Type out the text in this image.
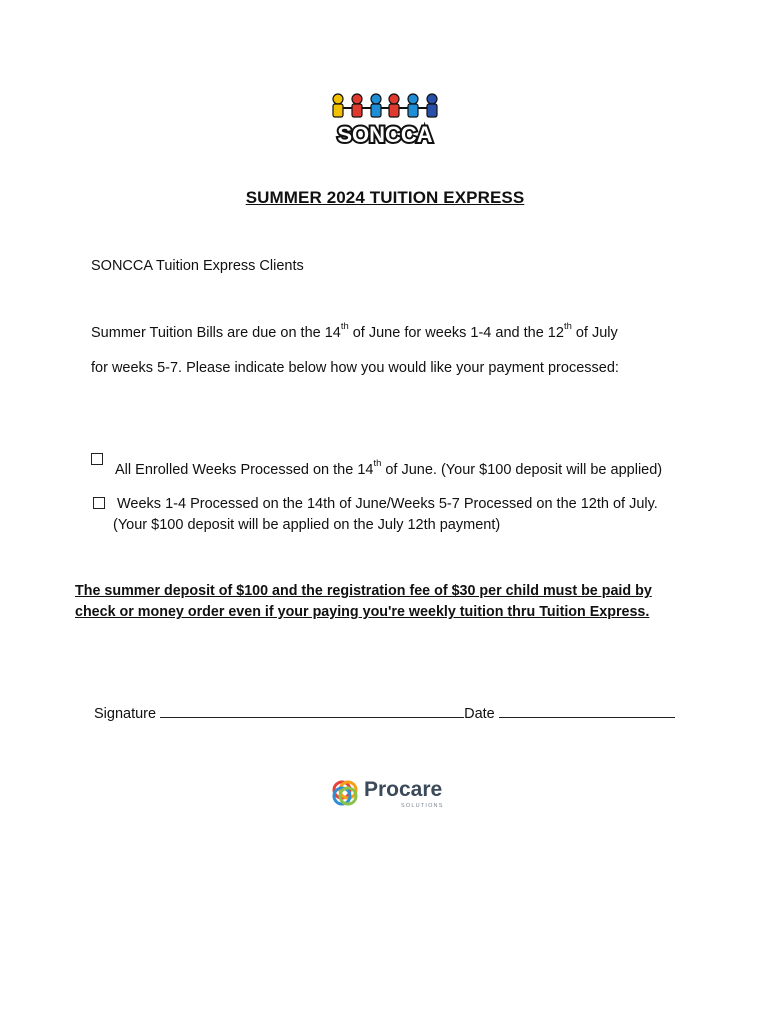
SONCCA
SUMMER 2024 TUITION EXPRESS
SONCCA Tuition Express Clients
Summer Tuition Bills are due on the 14th of June for weeks 1-4 and the 12th of July
for weeks 5-7. Please indicate below how you would like your payment processed:
All Enrolled Weeks Processed on the 14th of June. (Your $100 deposit will be applied)
Weeks 1-4 Processed on the 14th of June/Weeks 5-7 Processed on the 12th of July.
(Your $100 deposit will be applied on the July 12th payment)
The summer deposit of $100 and the registration fee of $30 per child must be paid by
check or money order even if your paying you're weekly tuition thru Tuition Express.
Signature	Date
Procare
SOLUTIONS
